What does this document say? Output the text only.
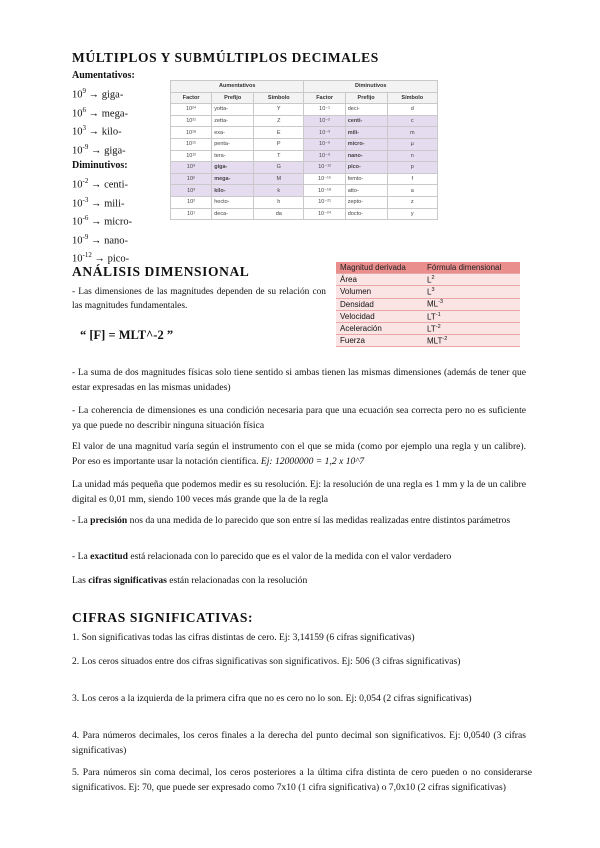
MÚLTIPLOS Y SUBMÚLTIPLOS DECIMALES
Aumentativos:
$10^9$ → giga-
$10^6$ → mega-
$10^3$ → kilo-
$10^{-9}$ → giga-
Diminutivos:
$10^{-2}$ → centi-
$10^{-3}$ → mili-
$10^{-6}$ → micro-
$10^{-9}$ → nano-
$10^{-12}$ → pico-
Aumentativos			Diminutivos		
Factor	Prefijo	Símbolo	Factor	Prefijo	Símbolo
10²⁴	yotta-	Y	10⁻¹	deci-	d
10²¹	zetta-	Z	10⁻²	centi-	c
10¹⁸	exa-	E	10⁻³	mili-	m
10¹⁵	penta-	P	10⁻⁶	micro-	μ
10¹²	tera-	T	10⁻⁹	nano-	n
10⁹	giga-	G	10⁻¹²	pico-	p
10⁶	mega-	M	10⁻¹⁵	femto-	f
10³	kilo-	k	10⁻¹⁸	atto-	a
10²	hecto-	h	10⁻²¹	zepto-	z
10¹	deca-	da	10⁻²⁴	docto-	y
ANÁLISIS DIMENSIONAL
- Las dimensiones de las magnitudes dependen de su relación con las magnitudes fundamentales.
“ [F] = MLT^-2 ”
Magnitud derivada	Fórmula dimensional
Área	$L^2$
Volumen	$L^3$
Densidad	$ML^{-3}$
Velocidad	$LT^{-1}$
Aceleración	$LT^{-2}$
Fuerza	$MLT^{-2}$
- La suma de dos magnitudes físicas solo tiene sentido si ambas tienen las mismas dimensiones (además de tener que estar expresadas en las mismas unidades)
- La coherencia de dimensiones es una condición necesaria para que una ecuación sea correcta pero no es suficiente ya que puede no describir ninguna situación física
El valor de una magnitud varía según el instrumento con el que se mida (como por ejemplo una regla y un calibre). Por eso es importante usar la notación científica. Ej: 12000000 = 1,2 x 10^7
La unidad más pequeña que podemos medir es su resolución. Ej: la resolución de una regla es 1 mm y la de un calibre digital es 0,01 mm, siendo 100 veces más grande que la de la regla
- La precisión nos da una medida de lo parecido que son entre sí las medidas realizadas entre distintos parámetros
- La exactitud está relacionada con lo parecido que es el valor de la medida con el valor verdadero
Las cifras significativas están relacionadas con la resolución
CIFRAS SIGNIFICATIVAS:
1. Son significativas todas las cifras distintas de cero. Ej: 3,14159 (6 cifras significativas)
2. Los ceros situados entre dos cifras significativas son significativos. Ej: 506 (3 cifras significativas)
3. Los ceros a la izquierda de la primera cifra que no es cero no lo son. Ej: 0,054 (2 cifras significativas)
4. Para números decimales, los ceros finales a la derecha del punto decimal son significativos. Ej: 0,0540 (3 cifras significativas)
5. Para números sin coma decimal, los ceros posteriores a la última cifra distinta de cero pueden o no considerarse significativos. Ej: 70, que puede ser expresado como 7x10 (1 cifra significativa) o 7,0x10 (2 cifras significativas)
